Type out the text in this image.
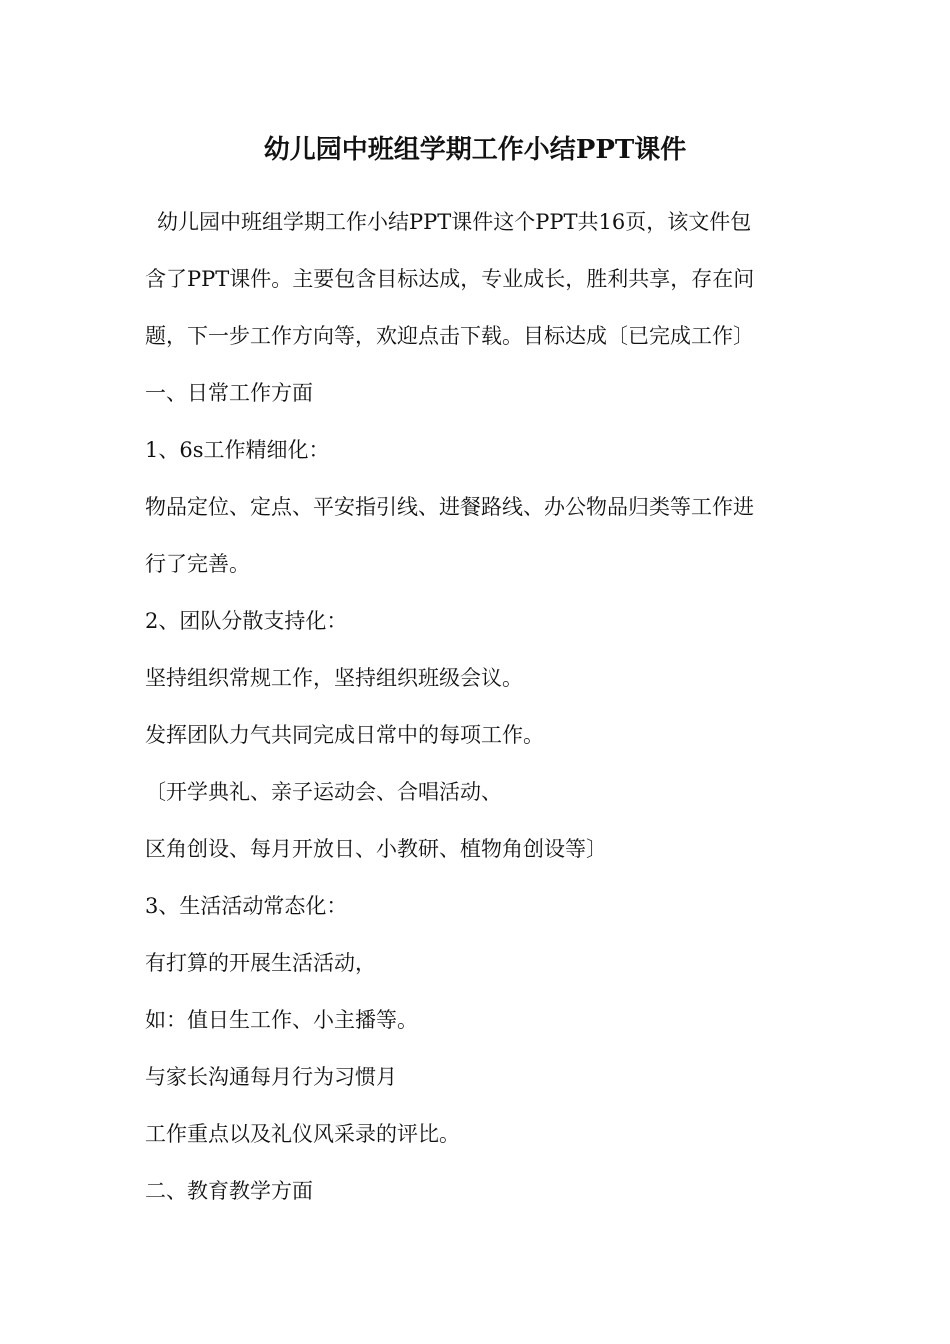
幼儿园中班组学期工作小结PPT课件
幼儿园中班组学期工作小结PPT课件这个PPT共16页，该文件包
含了PPT课件。主要包含目标达成，专业成长，胜利共享，存在问
题，下一步工作方向等，欢迎点击下载。目标达成〔已完成工作〕
一、日常工作方面
1、6s工作精细化：
物品定位、定点、平安指引线、进餐路线、办公物品归类等工作进
行了完善。
2、团队分散支持化：
坚持组织常规工作，坚持组织班级会议。
发挥团队力气共同完成日常中的每项工作。
〔开学典礼、亲子运动会、合唱活动、
区角创设、每月开放日、小教研、植物角创设等〕
3、生活活动常态化：
有打算的开展生活活动，
如：值日生工作、小主播等。
与家长沟通每月行为习惯月
工作重点以及礼仪风采录的评比。
二、教育教学方面
